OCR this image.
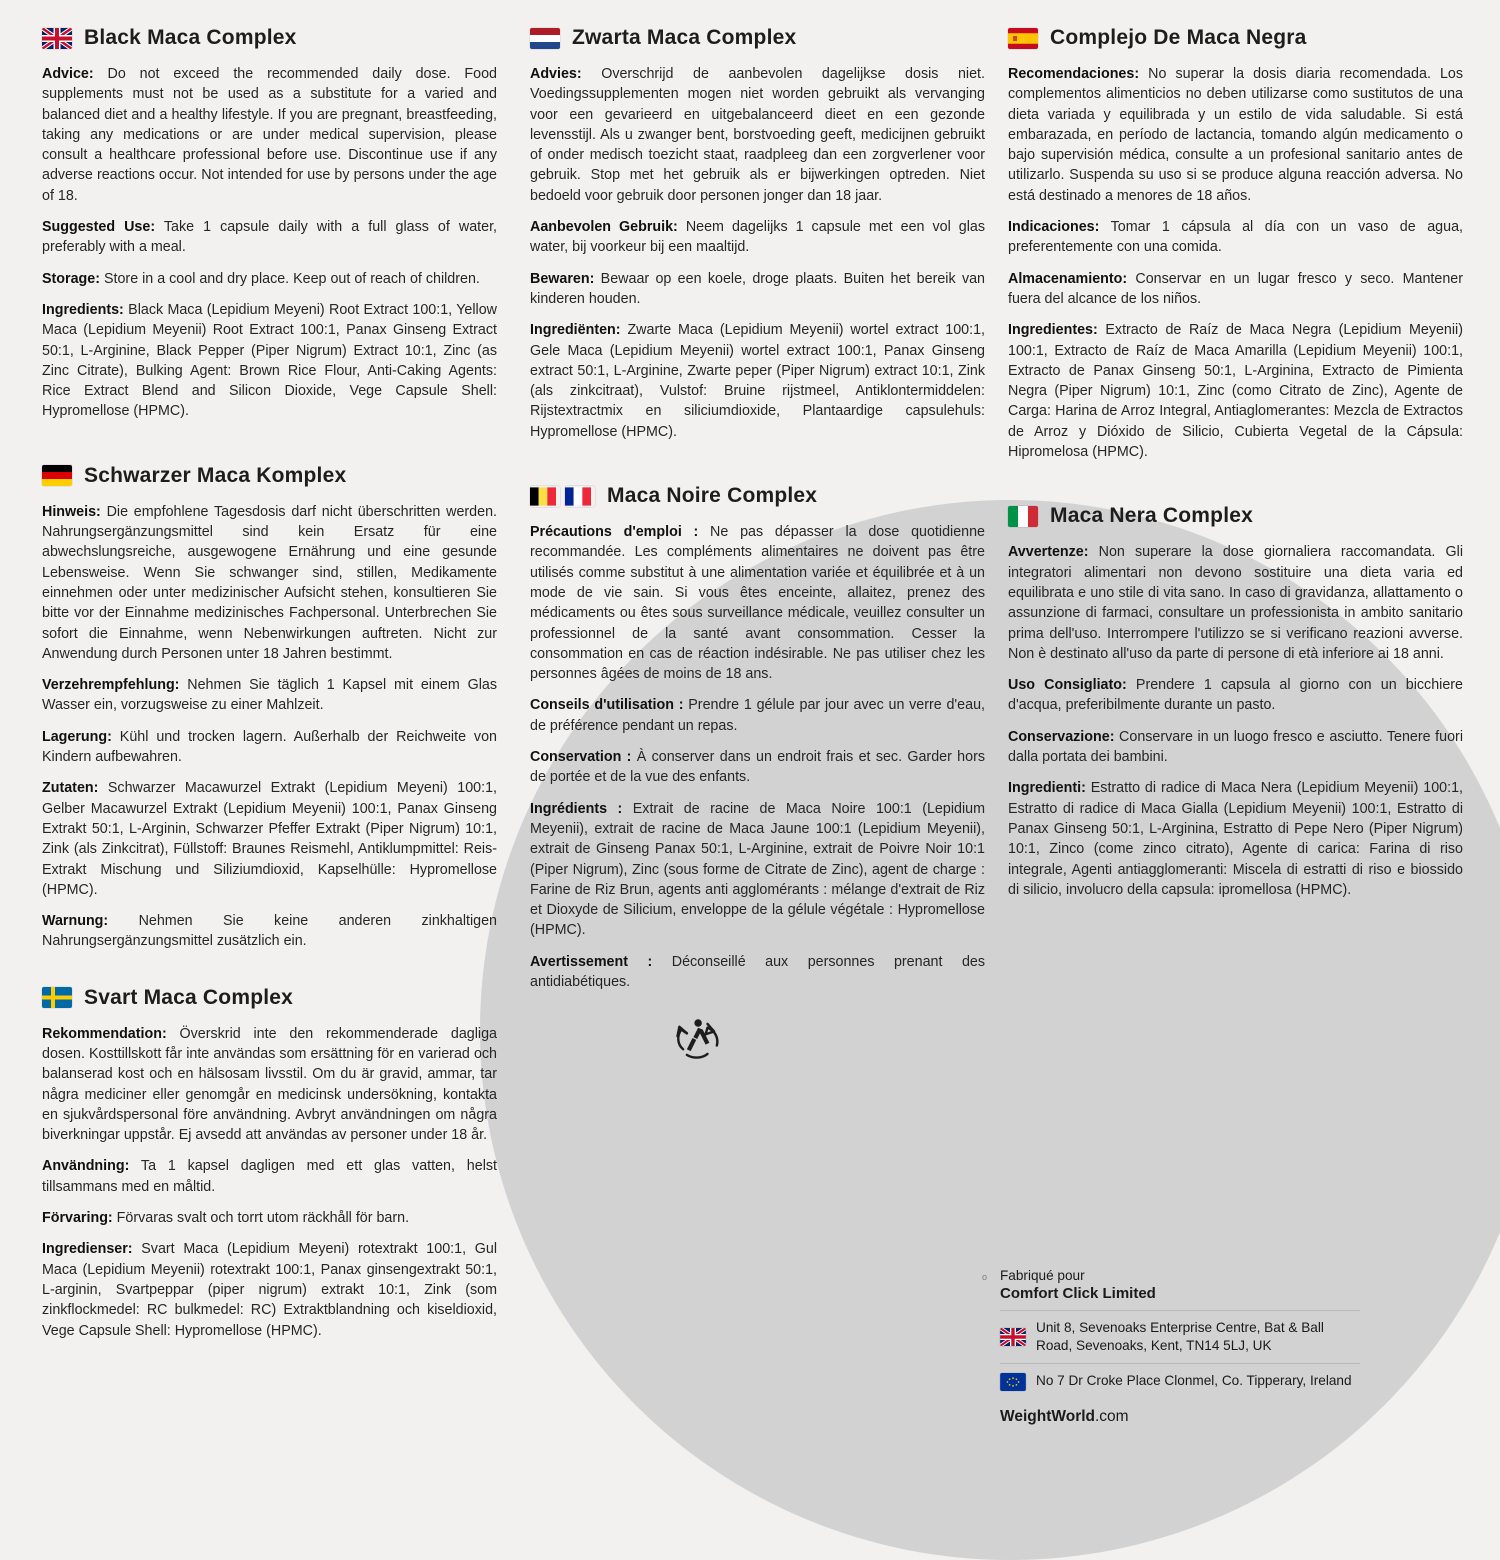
Black Maca Complex

Advice: Do not exceed the recommended daily dose. Food supplements must not be used as a substitute for a varied and balanced diet and a healthy lifestyle. If you are pregnant, breastfeeding, taking any medications or are under medical supervision, please consult a healthcare professional before use. Discontinue use if any adverse reactions occur. Not intended for use by persons under the age of 18.

Suggested Use: Take 1 capsule daily with a full glass of water, preferably with a meal.

Storage: Store in a cool and dry place. Keep out of reach of children.

Ingredients: Black Maca (Lepidium Meyeni) Root Extract 100:1, Yellow Maca (Lepidium Meyenii) Root Extract 100:1, Panax Ginseng Extract 50:1, L-Arginine, Black Pepper (Piper Nigrum) Extract 10:1, Zinc (as Zinc Citrate), Bulking Agent: Brown Rice Flour, Anti-Caking Agents: Rice Extract Blend and Silicon Dioxide, Vege Capsule Shell: Hypromellose (HPMC).

Schwarzer Maca Komplex

Hinweis: Die empfohlene Tagesdosis darf nicht überschritten werden. Nahrungsergänzungsmittel sind kein Ersatz für eine abwechslungsreiche, ausgewogene Ernährung und eine gesunde Lebensweise. Wenn Sie schwanger sind, stillen, Medikamente einnehmen oder unter medizinischer Aufsicht stehen, konsultieren Sie bitte vor der Einnahme medizinisches Fachpersonal. Unterbrechen Sie sofort die Einnahme, wenn Nebenwirkungen auftreten. Nicht zur Anwendung durch Personen unter 18 Jahren bestimmt.

Verzehrempfehlung: Nehmen Sie täglich 1 Kapsel mit einem Glas Wasser ein, vorzugsweise zu einer Mahlzeit.

Lagerung: Kühl und trocken lagern. Außerhalb der Reichweite von Kindern aufbewahren.

Zutaten: Schwarzer Macawurzel Extrakt (Lepidium Meyeni) 100:1, Gelber Macawurzel Extrakt (Lepidium Meyenii) 100:1, Panax Ginseng Extrakt 50:1, L-Arginin, Schwarzer Pfeffer Extrakt (Piper Nigrum) 10:1, Zink (als Zinkcitrat), Füllstoff: Braunes Reismehl, Antiklumpmittel: Reis-Extrakt Mischung und Siliziumdioxid, Kapselhülle: Hypromellose (HPMC).

Warnung: Nehmen Sie keine anderen zinkhaltigen Nahrungsergänzungsmittel zusätzlich ein.

Svart Maca Complex

Rekommendation: Överskrid inte den rekommenderade dagliga dosen. Kosttillskott får inte användas som ersättning för en varierad och balanserad kost och en hälsosam livsstil. Om du är gravid, ammar, tar några mediciner eller genomgår en medicinsk undersökning, kontakta en sjukvårdspersonal före användning. Avbryt användningen om några biverkningar uppstår. Ej avsedd att användas av personer under 18 år.

Användning: Ta 1 kapsel dagligen med ett glas vatten, helst tillsammans med en måltid.

Förvaring: Förvaras svalt och torrt utom räckhåll för barn.

Ingredienser: Svart Maca (Lepidium Meyeni) rotextrakt 100:1, Gul Maca (Lepidium Meyenii) rotextrakt 100:1, Panax ginsengextrakt 50:1, L-arginin, Svartpeppar (piper nigrum) extrakt 10:1, Zink (som zinkflockmedel: RC bulkmedel: RC) Extraktblandning och kiseldioxid, Vege Capsule Shell: Hypromellose (HPMC).

Zwarta Maca Complex

Advies: Overschrijd de aanbevolen dagelijkse dosis niet. Voedingssupplementen mogen niet worden gebruikt als vervanging voor een gevarieerd en uitgebalanceerd dieet en een gezonde levensstijl. Als u zwanger bent, borstvoeding geeft, medicijnen gebruikt of onder medisch toezicht staat, raadpleeg dan een zorgverlener voor gebruik. Stop met het gebruik als er bijwerkingen optreden. Niet bedoeld voor gebruik door personen jonger dan 18 jaar.

Aanbevolen Gebruik: Neem dagelijks 1 capsule met een vol glas water, bij voorkeur bij een maaltijd.

Bewaren: Bewaar op een koele, droge plaats. Buiten het bereik van kinderen houden.

Ingrediënten: Zwarte Maca (Lepidium Meyenii) wortel extract 100:1, Gele Maca (Lepidium Meyenii) wortel extract 100:1, Panax Ginseng extract 50:1, L-Arginine, Zwarte peper (Piper Nigrum) extract 10:1, Zink (als zinkcitraat), Vulstof: Bruine rijstmeel, Antiklontermiddelen: Rijstextractmix en siliciumdioxide, Plantaardige capsulehuls: Hypromellose (HPMC).

Maca Noire Complex

Précautions d'emploi : Ne pas dépasser la dose quotidienne recommandée. Les compléments alimentaires ne doivent pas être utilisés comme substitut à une alimentation variée et équilibrée et à un mode de vie sain. Si vous êtes enceinte, allaitez, prenez des médicaments ou êtes sous surveillance médicale, veuillez consulter un professionnel de la santé avant consommation. Cesser la consommation en cas de réaction indésirable. Ne pas utiliser chez les personnes âgées de moins de 18 ans.

Conseils d'utilisation : Prendre 1 gélule par jour avec un verre d'eau, de préférence pendant un repas.

Conservation : À conserver dans un endroit frais et sec. Garder hors de portée et de la vue des enfants.

Ingrédients : Extrait de racine de Maca Noire 100:1 (Lepidium Meyenii), extrait de racine de Maca Jaune 100:1 (Lepidium Meyenii), extrait de Ginseng Panax 50:1, L-Arginine, extrait de Poivre Noir 10:1 (Piper Nigrum), Zinc (sous forme de Citrate de Zinc), agent de charge : Farine de Riz Brun, agents anti agglomérants : mélange d'extrait de Riz et Dioxyde de Silicium, enveloppe de la gélule végétale : Hypromellose (HPMC).

Avertissement : Déconseillé aux personnes prenant des antidiabétiques.

Complejo De Maca Negra

Recomendaciones: No superar la dosis diaria recomendada. Los complementos alimenticios no deben utilizarse como sustitutos de una dieta variada y equilibrada y un estilo de vida saludable. Si está embarazada, en período de lactancia, tomando algún medicamento o bajo supervisión médica, consulte a un profesional sanitario antes de utilizarlo. Suspenda su uso si se produce alguna reacción adversa. No está destinado a menores de 18 años.

Indicaciones: Tomar 1 cápsula al día con un vaso de agua, preferentemente con una comida.

Almacenamiento: Conservar en un lugar fresco y seco. Mantener fuera del alcance de los niños.

Ingredientes: Extracto de Raíz de Maca Negra (Lepidium Meyenii) 100:1, Extracto de Raíz de Maca Amarilla (Lepidium Meyenii) 100:1, Extracto de Panax Ginseng 50:1, L-Arginina, Extracto de Pimienta Negra (Piper Nigrum) 10:1, Zinc (como Citrato de Zinc), Agente de Carga: Harina de Arroz Integral, Antiaglomerantes: Mezcla de Extractos de Arroz y Dióxido de Silicio, Cubierta Vegetal de la Cápsula: Hipromelosa (HPMC).

Maca Nera Complex

Avvertenze: Non superare la dose giornaliera raccomandata. Gli integratori alimentari non devono sostituire una dieta varia ed equilibrata e uno stile di vita sano. In caso di gravidanza, allattamento o assunzione di farmaci, consultare un professionista in ambito sanitario prima dell'uso. Interrompere l'utilizzo se si verificano reazioni avverse. Non è destinato all'uso da parte di persone di età inferiore ai 18 anni.

Uso Consigliato: Prendere 1 capsula al giorno con un bicchiere d'acqua, preferibilmente durante un pasto.

Conservazione: Conservare in un luogo fresco e asciutto. Tenere fuori dalla portata dei bambini.

Ingredienti: Estratto di radice di Maca Nera (Lepidium Meyenii) 100:1, Estratto di radice di Maca Gialla (Lepidium Meyenii) 100:1, Estratto di Panax Ginseng 50:1, L-Arginina, Estratto di Pepe Nero (Piper Nigrum) 10:1, Zinco (come zinco citrato), Agente di carica: Farina di riso integrale, Agenti antiagglomeranti: Miscela di estratti di riso e biossido di silicio, involucro della capsula: ipromellosa (HPMC).

o Fabriqué pour
Comfort Click Limited
Unit 8, Sevenoaks Enterprise Centre, Bat & Ball Road, Sevenoaks, Kent, TN14 5LJ, UK
No 7 Dr Croke Place Clonmel, Co. Tipperary, Ireland
WeightWorld.com
